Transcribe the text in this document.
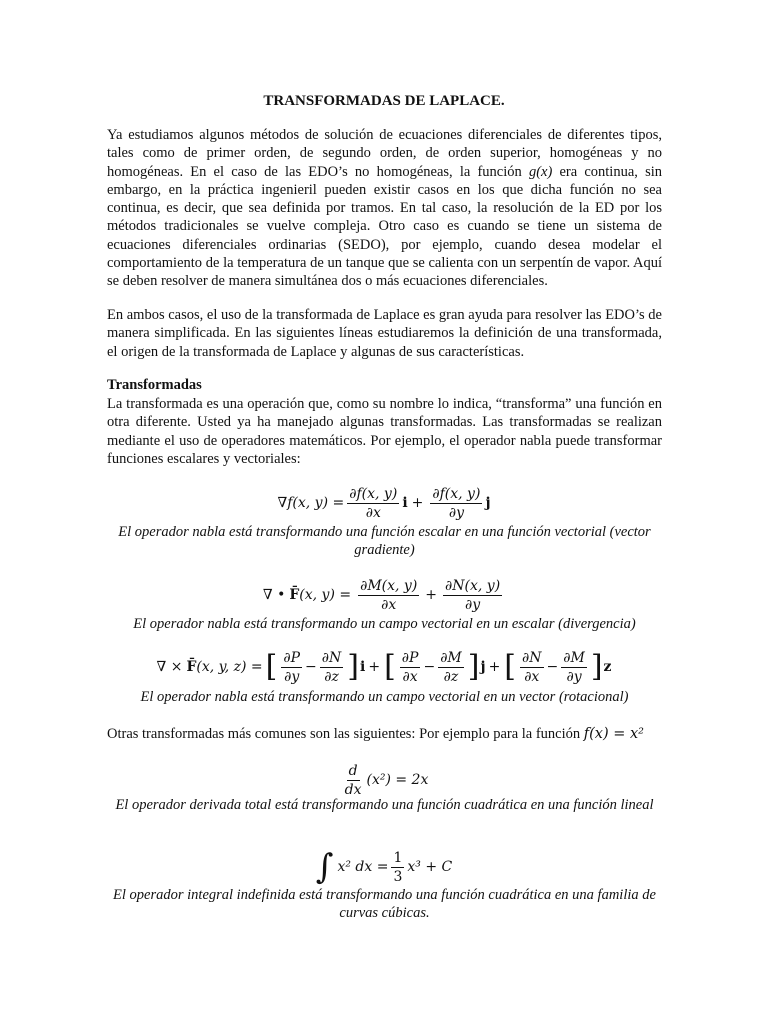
TRANSFORMADAS DE LAPLACE.
Ya estudiamos algunos métodos de solución de ecuaciones diferenciales de diferentes tipos, tales como de primer orden, de segundo orden, de orden superior, homogéneas y no homogéneas. En el caso de las EDO’s no homogéneas, la función g(x) era continua, sin embargo, en la práctica ingenieril pueden existir casos en los que dicha función no sea continua, es decir, que sea definida por tramos. En tal caso, la resolución de la ED por los métodos tradicionales se vuelve compleja. Otro caso es cuando se tiene un sistema de ecuaciones diferenciales ordinarias (SEDO), por ejemplo, cuando desea modelar el comportamiento de la temperatura de un tanque que se calienta con un serpentín de vapor. Aquí se deben resolver de manera simultánea dos o más ecuaciones diferenciales.
En ambos casos, el uso de la transformada de Laplace es gran ayuda para resolver las EDO’s de manera simplificada. En las siguientes líneas estudiaremos la definición de una transformada, el origen de la transformada de Laplace y algunas de sus características.
Transformadas
La transformada es una operación que, como su nombre lo indica, “transforma” una función en otra diferente. Usted ya ha manejado algunas transformadas. Las transformadas se realizan mediante el uso de operadores matemáticos. Por ejemplo, el operador nabla puede transformar funciones escalares y vectoriales:
∇f(x, $y) = \frac{\partial f(x, y)}{\partial x}$ $i + \frac{\partial f(x, y)}{\partial y}$ j
El operador nabla está transformando una función escalar en una función vectorial (vector gradiente)
∇ • F̄ (x, $y) = \frac{\partial M(x, y)}{\partial x} + \frac{\partial N(x, y)}{\partial y}$
El operador nabla está transformando un campo vectorial en un escalar (divergencia)
∇ × F̄ (x, y, z) = [ $\frac{\partial P}{\partial y} - \frac{\partial N}{\partial z}$ ] i + [ $\frac{\partial P}{\partial x} - \frac{\partial M}{\partial z}$ ] j + [ $\frac{\partial N}{\partial x} - \frac{\partial M}{\partial y}$ ] z
El operador nabla está transformando un campo vectorial en un vector (rotacional)
Otras transformadas más comunes son las siguientes: Por ejemplo para la función f(x) = x²
$\frac{d}{dx} (x^2) = 2x$
El operador derivada total está transformando una función cuadrática en una función lineal
∫ x² dx = $\frac{1}{3} x^3 + C$
El operador integral indefinida está transformando una función cuadrática en una familia de curvas cúbicas.
